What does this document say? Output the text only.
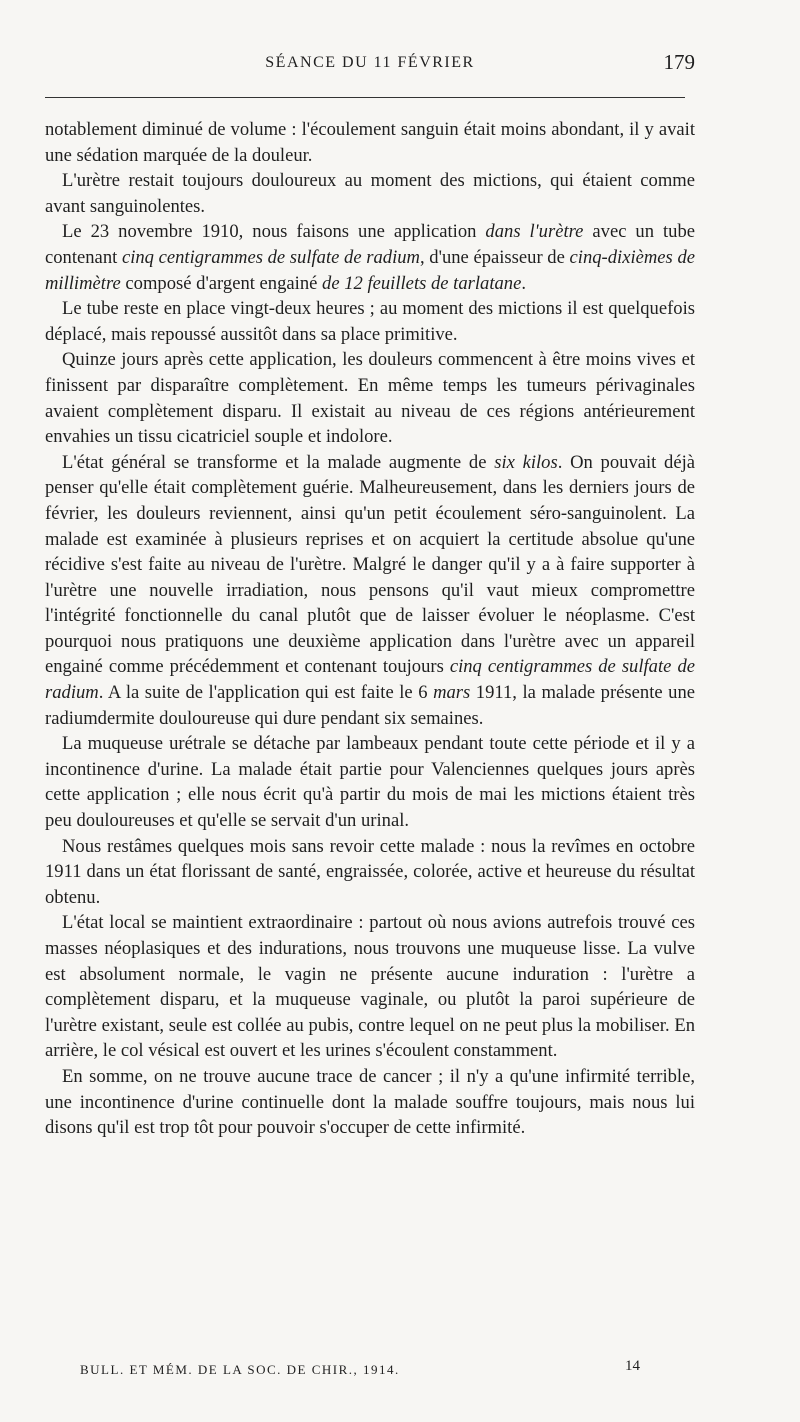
SÉANCE DU 11 FÉVRIER	179

notablement diminué de volume : l'écoulement sanguin était moins abondant, il y avait une sédation marquée de la douleur.

L'urètre restait toujours douloureux au moment des mictions, qui étaient comme avant sanguinolentes.

Le 23 novembre 1910, nous faisons une application dans l'urètre avec un tube contenant cinq centigrammes de sulfate de radium, d'une épaisseur de cinq-dixièmes de millimètre composé d'argent engainé de 12 feuillets de tarlatane.

Le tube reste en place vingt-deux heures ; au moment des mictions il est quelquefois déplacé, mais repoussé aussitôt dans sa place primitive.

Quinze jours après cette application, les douleurs commencent à être moins vives et finissent par disparaître complètement. En même temps les tumeurs périvaginales avaient complètement disparu. Il existait au niveau de ces régions antérieurement envahies un tissu cicatriciel souple et indolore.

L'état général se transforme et la malade augmente de six kilos. On pouvait déjà penser qu'elle était complètement guérie. Malheureusement, dans les derniers jours de février, les douleurs reviennent, ainsi qu'un petit écoulement séro-sanguinolent. La malade est examinée à plusieurs reprises et on acquiert la certitude absolue qu'une récidive s'est faite au niveau de l'urètre. Malgré le danger qu'il y a à faire supporter à l'urètre une nouvelle irradiation, nous pensons qu'il vaut mieux compromettre l'intégrité fonctionnelle du canal plutôt que de laisser évoluer le néoplasme. C'est pourquoi nous pratiquons une deuxième application dans l'urètre avec un appareil engainé comme précédemment et contenant toujours cinq centigrammes de sulfate de radium. A la suite de l'application qui est faite le 6 mars 1911, la malade présente une radiumdermite douloureuse qui dure pendant six semaines.

La muqueuse urétrale se détache par lambeaux pendant toute cette période et il y a incontinence d'urine. La malade était partie pour Valenciennes quelques jours après cette application ; elle nous écrit qu'à partir du mois de mai les mictions étaient très peu douloureuses et qu'elle se servait d'un urinal.

Nous restâmes quelques mois sans revoir cette malade : nous la revîmes en octobre 1911 dans un état florissant de santé, engraissée, colorée, active et heureuse du résultat obtenu.

L'état local se maintient extraordinaire : partout où nous avions autrefois trouvé ces masses néoplasiques et des indurations, nous trouvons une muqueuse lisse. La vulve est absolument normale, le vagin ne présente aucune induration : l'urètre a complètement disparu, et la muqueuse vaginale, ou plutôt la paroi supérieure de l'urètre existant, seule est collée au pubis, contre lequel on ne peut plus la mobiliser. En arrière, le col vésical est ouvert et les urines s'écoulent constamment.

En somme, on ne trouve aucune trace de cancer ; il n'y a qu'une infirmité terrible, une incontinence d'urine continuelle dont la malade souffre toujours, mais nous lui disons qu'il est trop tôt pour pouvoir s'occuper de cette infirmité.

BULL. ET MÉM. DE LA SOC. DE CHIR., 1914.	14
